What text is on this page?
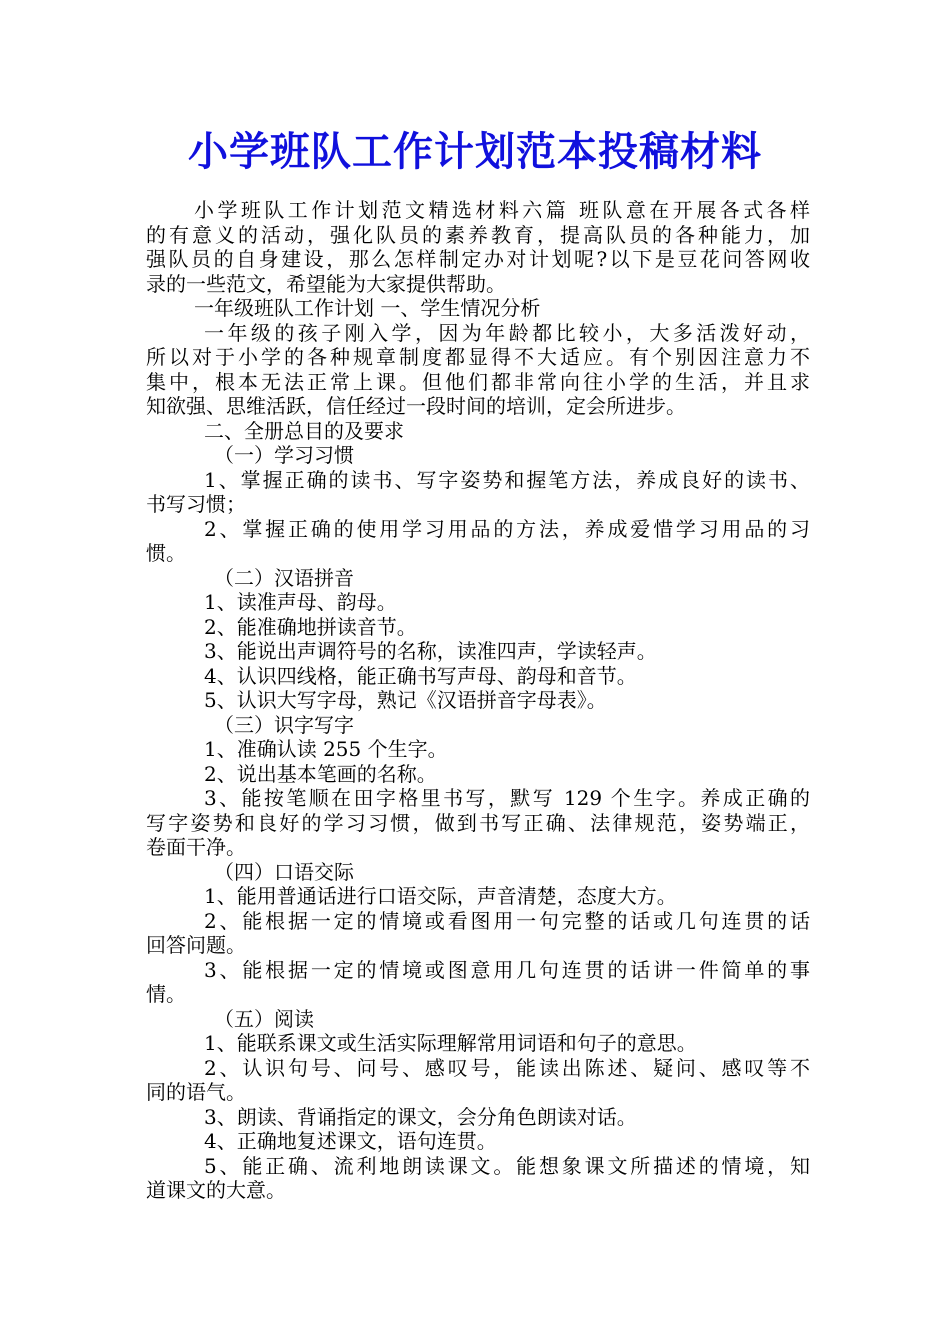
小学班队工作计划范本投稿材料
小学班队工作计划范文精选材料六篇 班队意在开展各式各样
的有意义的活动，强化队员的素养教育，提高队员的各种能力，加
强队员的自身建设，那么怎样制定办对计划呢?以下是豆花问答网收
录的一些范文，希望能为大家提供帮助。
一年级班队工作计划 一、学生情况分析
一年级的孩子刚入学，因为年龄都比较小，大多活泼好动，
所以对于小学的各种规章制度都显得不大适应。有个别因注意力不
集中，根本无法正常上课。但他们都非常向往小学的生活，并且求
知欲强、思维活跃，信任经过一段时间的培训，定会所进步。
二、全册总目的及要求
（一）学习习惯
1、掌握正确的读书、写字姿势和握笔方法，养成良好的读书、
书写习惯；
2、掌握正确的使用学习用品的方法，养成爱惜学习用品的习
惯。
（二）汉语拼音
1、读准声母、韵母。
2、能准确地拼读音节。
3、能说出声调符号的名称，读准四声，学读轻声。
4、认识四线格，能正确书写声母、韵母和音节。
5、认识大写字母，熟记《汉语拼音字母表》。
（三）识字写字
1、准确认读 255 个生字。
2、说出基本笔画的名称。
3、能按笔顺在田字格里书写，默写 129 个生字。养成正确的
写字姿势和良好的学习习惯，做到书写正确、法律规范，姿势端正，
卷面干净。
（四）口语交际
1、能用普通话进行口语交际，声音清楚，态度大方。
2、能根据一定的情境或看图用一句完整的话或几句连贯的话
回答问题。
3、能根据一定的情境或图意用几句连贯的话讲一件简单的事
情。
（五）阅读
1、能联系课文或生活实际理解常用词语和句子的意思。
2、认识句号、问号、感叹号，能读出陈述、疑问、感叹等不
同的语气。
3、朗读、背诵指定的课文，会分角色朗读对话。
4、正确地复述课文，语句连贯。
5、能正确、流利地朗读课文。能想象课文所描述的情境，知
道课文的大意。
